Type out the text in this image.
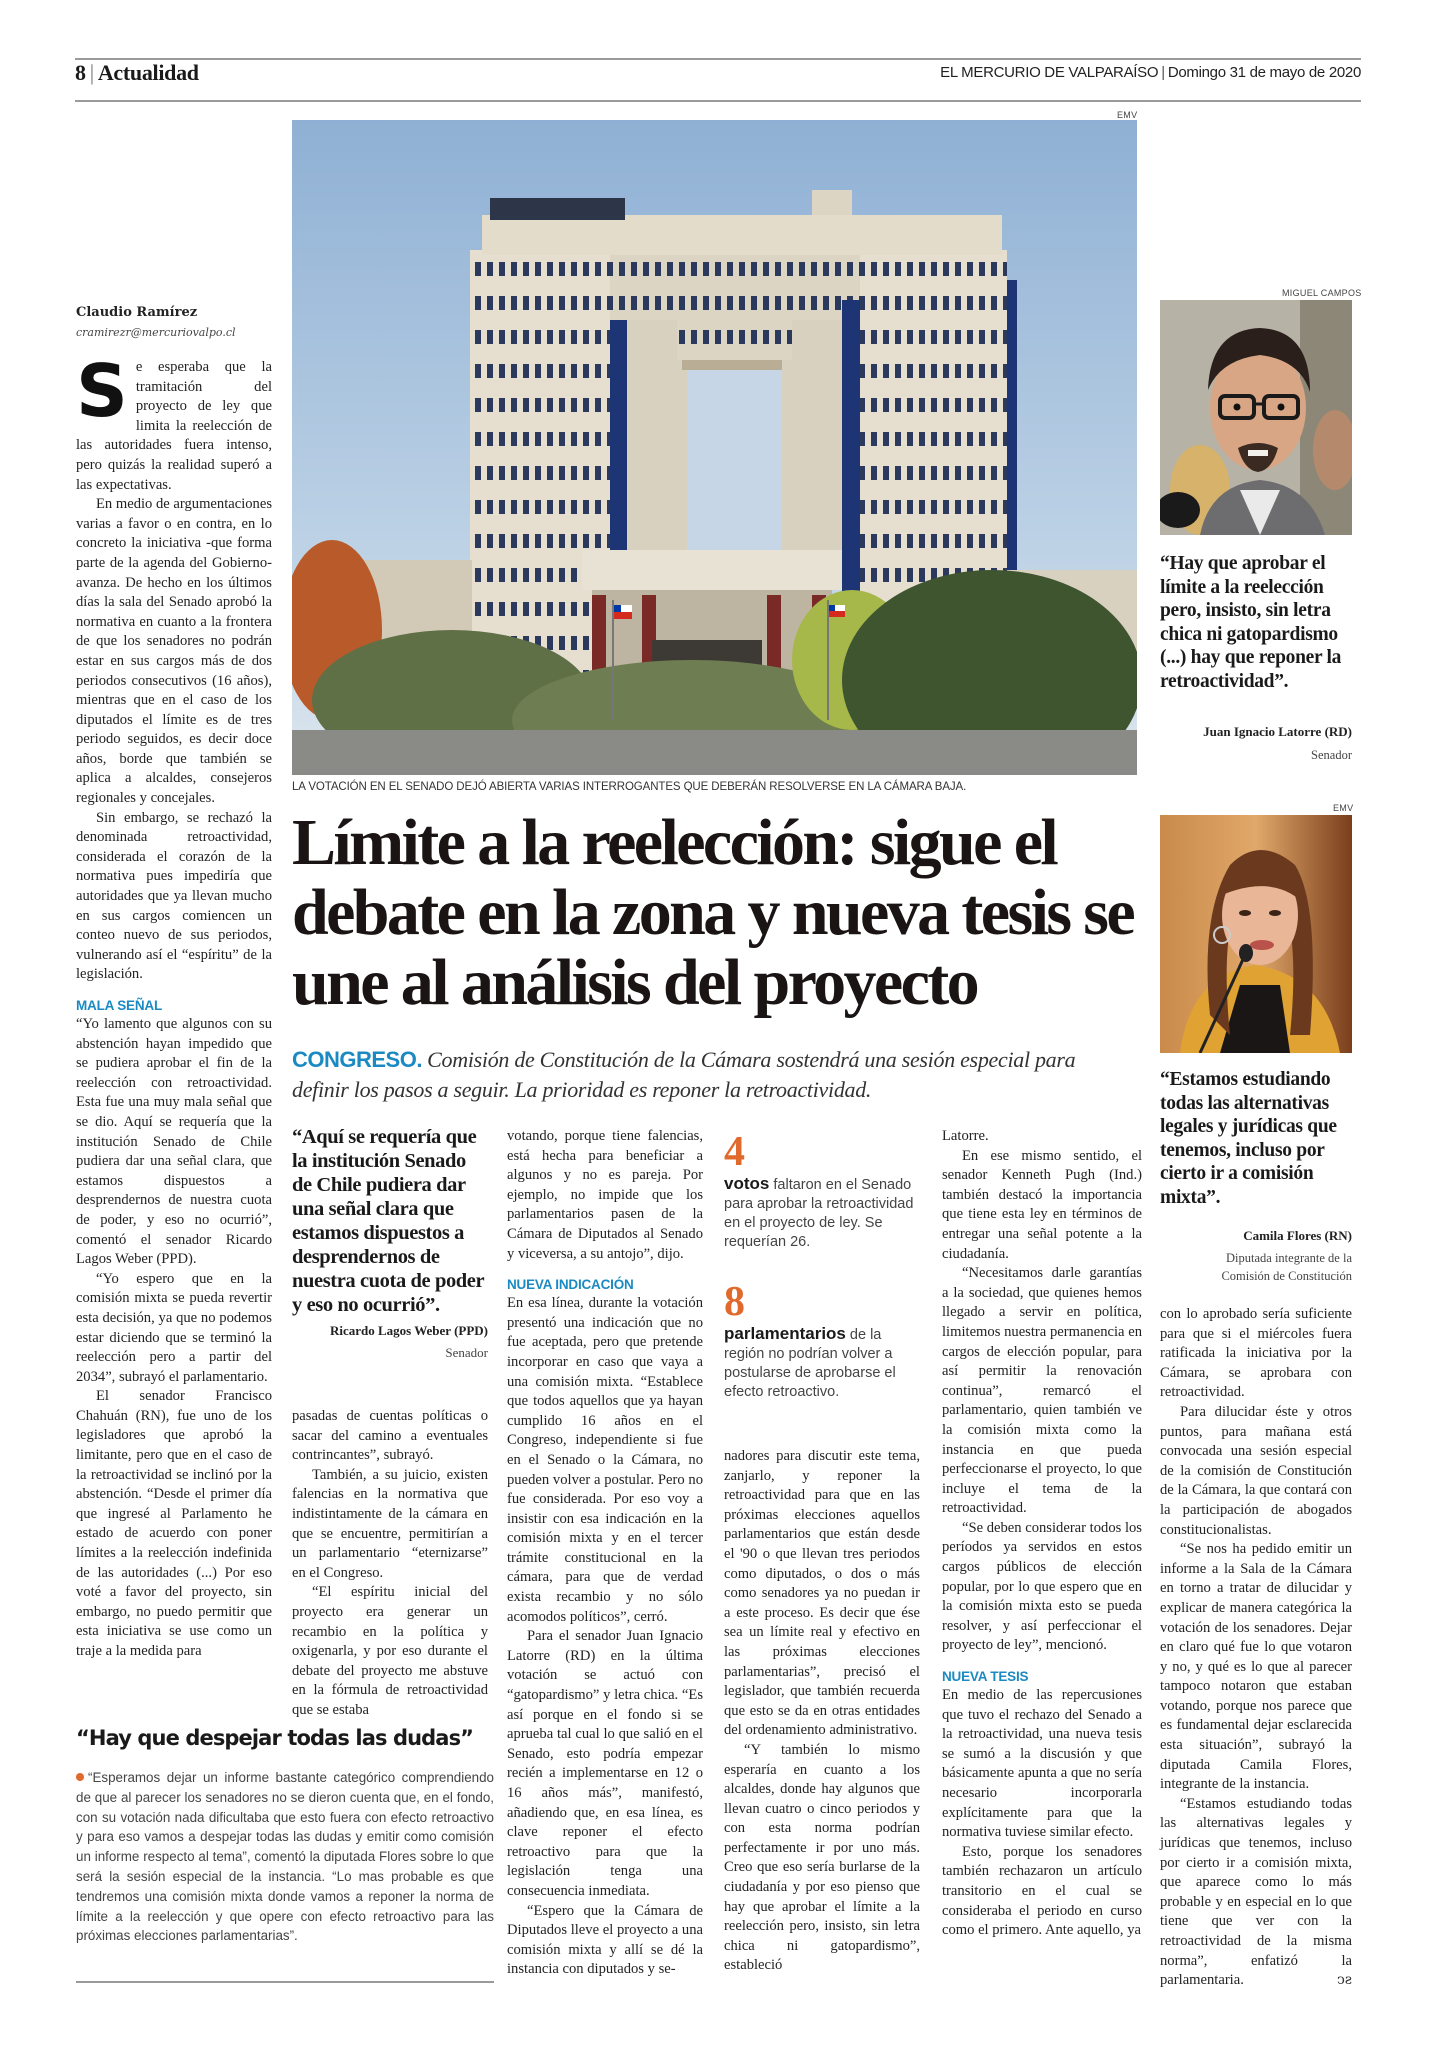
8 | Actualidad	EL MERCURIO DE VALPARAÍSO | Domingo 31 de mayo de 2020
EMV
LA VOTACIÓN EN EL SENADO DEJÓ ABIERTA VARIAS INTERROGANTES QUE DEBERÁN RESOLVERSE EN LA CÁMARA BAJA.
Claudio Ramírez
cramirezr@mercuriovalpo.cl

Se esperaba que la tramitación del proyecto de ley que limita la reelección de las autoridades fuera intenso, pero quizás la realidad superó a las expectativas.

En medio de argumentaciones varias a favor o en contra, en lo concreto la iniciativa -que forma parte de la agenda del Gobierno- avanza. De hecho en los últimos días la sala del Senado aprobó la normativa en cuanto a la frontera de que los senadores no podrán estar en sus cargos más de dos periodos consecutivos (16 años), mientras que en el caso de los diputados el límite es de tres periodo seguidos, es decir doce años, borde que también se aplica a alcaldes, consejeros regionales y concejales.

Sin embargo, se rechazó la denominada retroactividad, considerada el corazón de la normativa pues impediría que autoridades que ya llevan mucho en sus cargos comiencen un conteo nuevo de sus periodos, vulnerando así el “espíritu” de la legislación.

MALA SEÑAL

“Yo lamento que algunos con su abstención hayan impedido que se pudiera aprobar el fin de la reelección con retroactividad. Esta fue una muy mala señal que se dio. Aquí se requería que la institución Senado de Chile pudiera dar una señal clara, que estamos dispuestos a desprendernos de nuestra cuota de poder, y eso no ocurrió”, comentó el senador Ricardo Lagos Weber (PPD).

“Yo espero que en la comisión mixta se pueda revertir esta decisión, ya que no podemos estar diciendo que se terminó la reelección pero a partir del 2034”, subrayó el parlamentario.

El senador Francisco Chahuán (RN), fue uno de los legisladores que aprobó la limitante, pero que en el caso de la retroactividad se inclinó por la abstención. “Desde el primer día que ingresé al Parlamento he estado de acuerdo con poner límites a la reelección indefinida de las autoridades (...) Por eso voté a favor del proyecto, sin embargo, no puedo permitir que esta iniciativa se use como un traje a la medida para

Límite a la reelección: sigue el debate en la zona y nueva tesis se une al análisis del proyecto
CONGRESO. Comisión de Constitución de la Cámara sostendrá una sesión especial para definir los pasos a seguir. La prioridad es reponer la retroactividad.
“Aquí se requería que la institución Senado de Chile pudiera dar una señal clara que estamos dispuestos a desprendernos de nuestra cuota de poder y eso no ocurrió”.
Ricardo Lagos Weber (PPD)
Senador

pasadas de cuentas políticas o sacar del camino a eventuales contrincantes”, subrayó.

También, a su juicio, existen falencias en la normativa que indistintamente de la cámara en que se encuentre, permitirían a un parlamentario “eternizarse” en el Congreso.

“El espíritu inicial del proyecto era generar un recambio en la política y oxigenarla, y por eso durante el debate del proyecto me abstuve en la fórmula de retroactividad que se estaba

votando, porque tiene falencias, está hecha para beneficiar a algunos y no es pareja. Por ejemplo, no impide que los parlamentarios pasen de la Cámara de Diputados al Senado y viceversa, a su antojo”, dijo.

NUEVA INDICACIÓN

En esa línea, durante la votación presentó una indicación que no fue aceptada, pero que pretende incorporar en caso que vaya a una comisión mixta. “Establece que todos aquellos que ya hayan cumplido 16 años en el Congreso, independiente si fue en el Senado o la Cámara, no pueden volver a postular. Pero no fue considerada. Por eso voy a insistir con esa indicación en la comisión mixta y en el tercer trámite constitucional en la cámara, para que de verdad exista recambio y no sólo acomodos políticos”, cerró.

Para el senador Juan Ignacio Latorre (RD) en la última votación se actuó con “gatopardismo” y letra chica. “Es así porque en el fondo si se aprueba tal cual lo que salió en el Senado, esto podría empezar recién a implementarse en 12 o 16 años más”, manifestó, añadiendo que, en esa línea, es clave reponer el efecto retroactivo para que la legislación tenga una consecuencia inmediata.

“Espero que la Cámara de Diputados lleve el proyecto a una comisión mixta y allí se dé la instancia con diputados y se-

4
votos faltaron en el Senado para aprobar la retroactividad en el proyecto de ley. Se requerían 26.
8
parlamentarios de la región no podrían volver a postularse de aprobarse el efecto retroactivo.

nadores para discutir este tema, zanjarlo, y reponer la retroactividad para que en las próximas elecciones aquellos parlamentarios que están desde el '90 o que llevan tres periodos como diputados, o dos o más como senadores ya no puedan ir a este proceso. Es decir que ése sea un límite real y efectivo en las próximas elecciones parlamentarias”, precisó el legislador, que también recuerda que esto se da en otras entidades del ordenamiento administrativo.

“Y también lo mismo esperaría en cuanto a los alcaldes, donde hay algunos que llevan cuatro o cinco periodos y con esta norma podrían perfectamente ir por uno más. Creo que eso sería burlarse de la ciudadanía y por eso pienso que hay que aprobar el límite a la reelección pero, insisto, sin letra chica ni gatopardismo”, estableció

Latorre.

En ese mismo sentido, el senador Kenneth Pugh (Ind.) también destacó la importancia que tiene esta ley en términos de entregar una señal potente a la ciudadanía.

“Necesitamos darle garantías a la sociedad, que quienes hemos llegado a servir en política, limitemos nuestra permanencia en cargos de elección popular, para así permitir la renovación continua”, remarcó el parlamentario, quien también ve la comisión mixta como la instancia en que pueda perfeccionarse el proyecto, lo que incluye el tema de la retroactividad.

“Se deben considerar todos los períodos ya servidos en estos cargos públicos de elección popular, por lo que espero que en la comisión mixta esto se pueda resolver, y así perfeccionar el proyecto de ley”, mencionó.

NUEVA TESIS

En medio de las repercusiones que tuvo el rechazo del Senado a la retroactividad, una nueva tesis se sumó a la discusión y que básicamente apunta a que no sería necesario incorporarla explícitamente para que la normativa tuviese similar efecto.

Esto, porque los senadores también rechazaron un artículo transitorio en el cual se consideraba el periodo en curso como el primero. Ante aquello, ya

MIGUEL CAMPOS
“Hay que aprobar el límite a la reelección pero, insisto, sin letra chica ni gatopardismo (...) hay que reponer la retroactividad”.
Juan Ignacio Latorre (RD)
Senador
EMV
“Estamos estudiando todas las alternativas legales y jurídicas que tenemos, incluso por cierto ir a comisión mixta”.
Camila Flores (RN)
Diputada integrante de la Comisión de Constitución

con lo aprobado sería suficiente para que si el miércoles fuera ratificada la iniciativa por la Cámara, se aprobara con retroactividad.

Para dilucidar éste y otros puntos, para mañana está convocada una sesión especial de la comisión de Constitución de la Cámara, la que contará con la participación de abogados constitucionalistas.

“Se nos ha pedido emitir un informe a la Sala de la Cámara en torno a tratar de dilucidar y explicar de manera categórica la votación de los senadores. Dejar en claro qué fue lo que votaron y no, y qué es lo que al parecer tampoco notaron que estaban votando, porque nos parece que es fundamental dejar esclarecida esta situación”, subrayó la diputada Camila Flores, integrante de la instancia.

“Estamos estudiando todas las alternativas legales y jurídicas que tenemos, incluso por cierto ir a comisión mixta, que aparece como lo más probable y en especial en lo que tiene que ver con la retroactividad de la misma norma”, enfatizó la parlamentaria.	ↄƨ

“Hay que despejar todas las dudas”
“Esperamos dejar un informe bastante categórico comprendiendo de que al parecer los senadores no se dieron cuenta que, en el fondo, con su votación nada dificultaba que esto fuera con efecto retroactivo y para eso vamos a despejar todas las dudas y emitir como comisión un informe respecto al tema”, comentó la diputada Flores sobre lo que será la sesión especial de la instancia. “Lo mas probable es que tendremos una comisión mixta donde vamos a reponer la norma de límite a la reelección y que opere con efecto retroactivo para las próximas elecciones parlamentarias”.
